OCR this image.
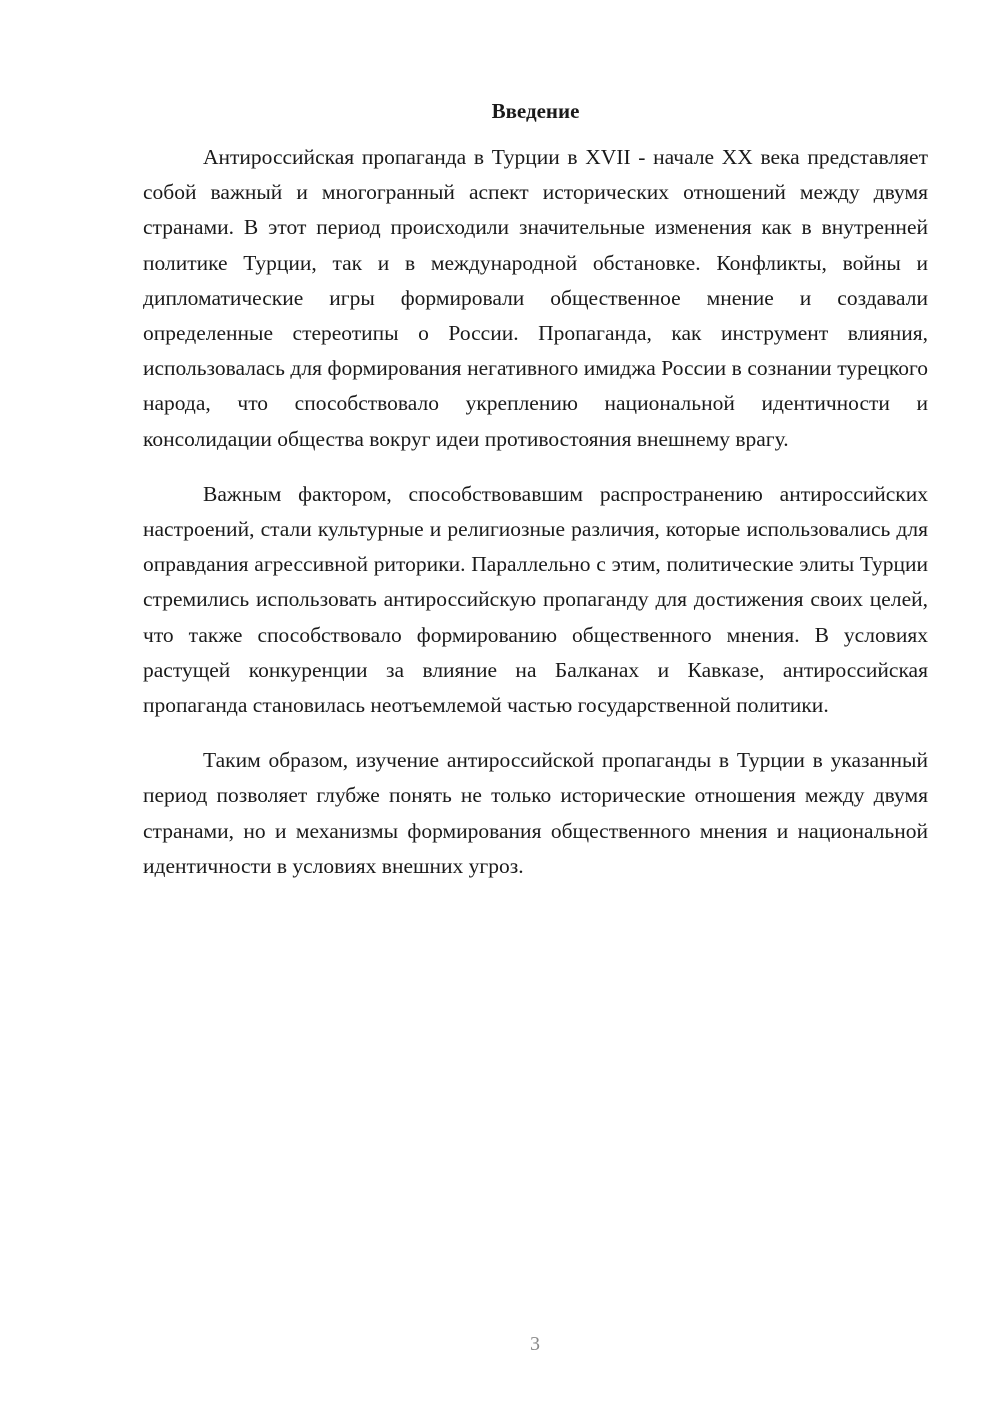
Введение

Антироссийская пропаганда в Турции в XVII - начале XX века представляет собой важный и многогранный аспект исторических отношений между двумя странами. В этот период происходили значительные изменения как в внутренней политике Турции, так и в международной обстановке. Конфликты, войны и дипломатические игры формировали общественное мнение и создавали определенные стереотипы о России. Пропаганда, как инструмент влияния, использовалась для формирования негативного имиджа России в сознании турецкого народа, что способствовало укреплению национальной идентичности и консолидации общества вокруг идеи противостояния внешнему врагу.

Важным фактором, способствовавшим распространению антироссийских настроений, стали культурные и религиозные различия, которые использовались для оправдания агрессивной риторики. Параллельно с этим, политические элиты Турции стремились использовать антироссийскую пропаганду для достижения своих целей, что также способствовало формированию общественного мнения. В условиях растущей конкуренции за влияние на Балканах и Кавказе, антироссийская пропаганда становилась неотъемлемой частью государственной политики.

Таким образом, изучение антироссийской пропаганды в Турции в указанный период позволяет глубже понять не только исторические отношения между двумя странами, но и механизмы формирования общественного мнения и национальной идентичности в условиях внешних угроз.

3
